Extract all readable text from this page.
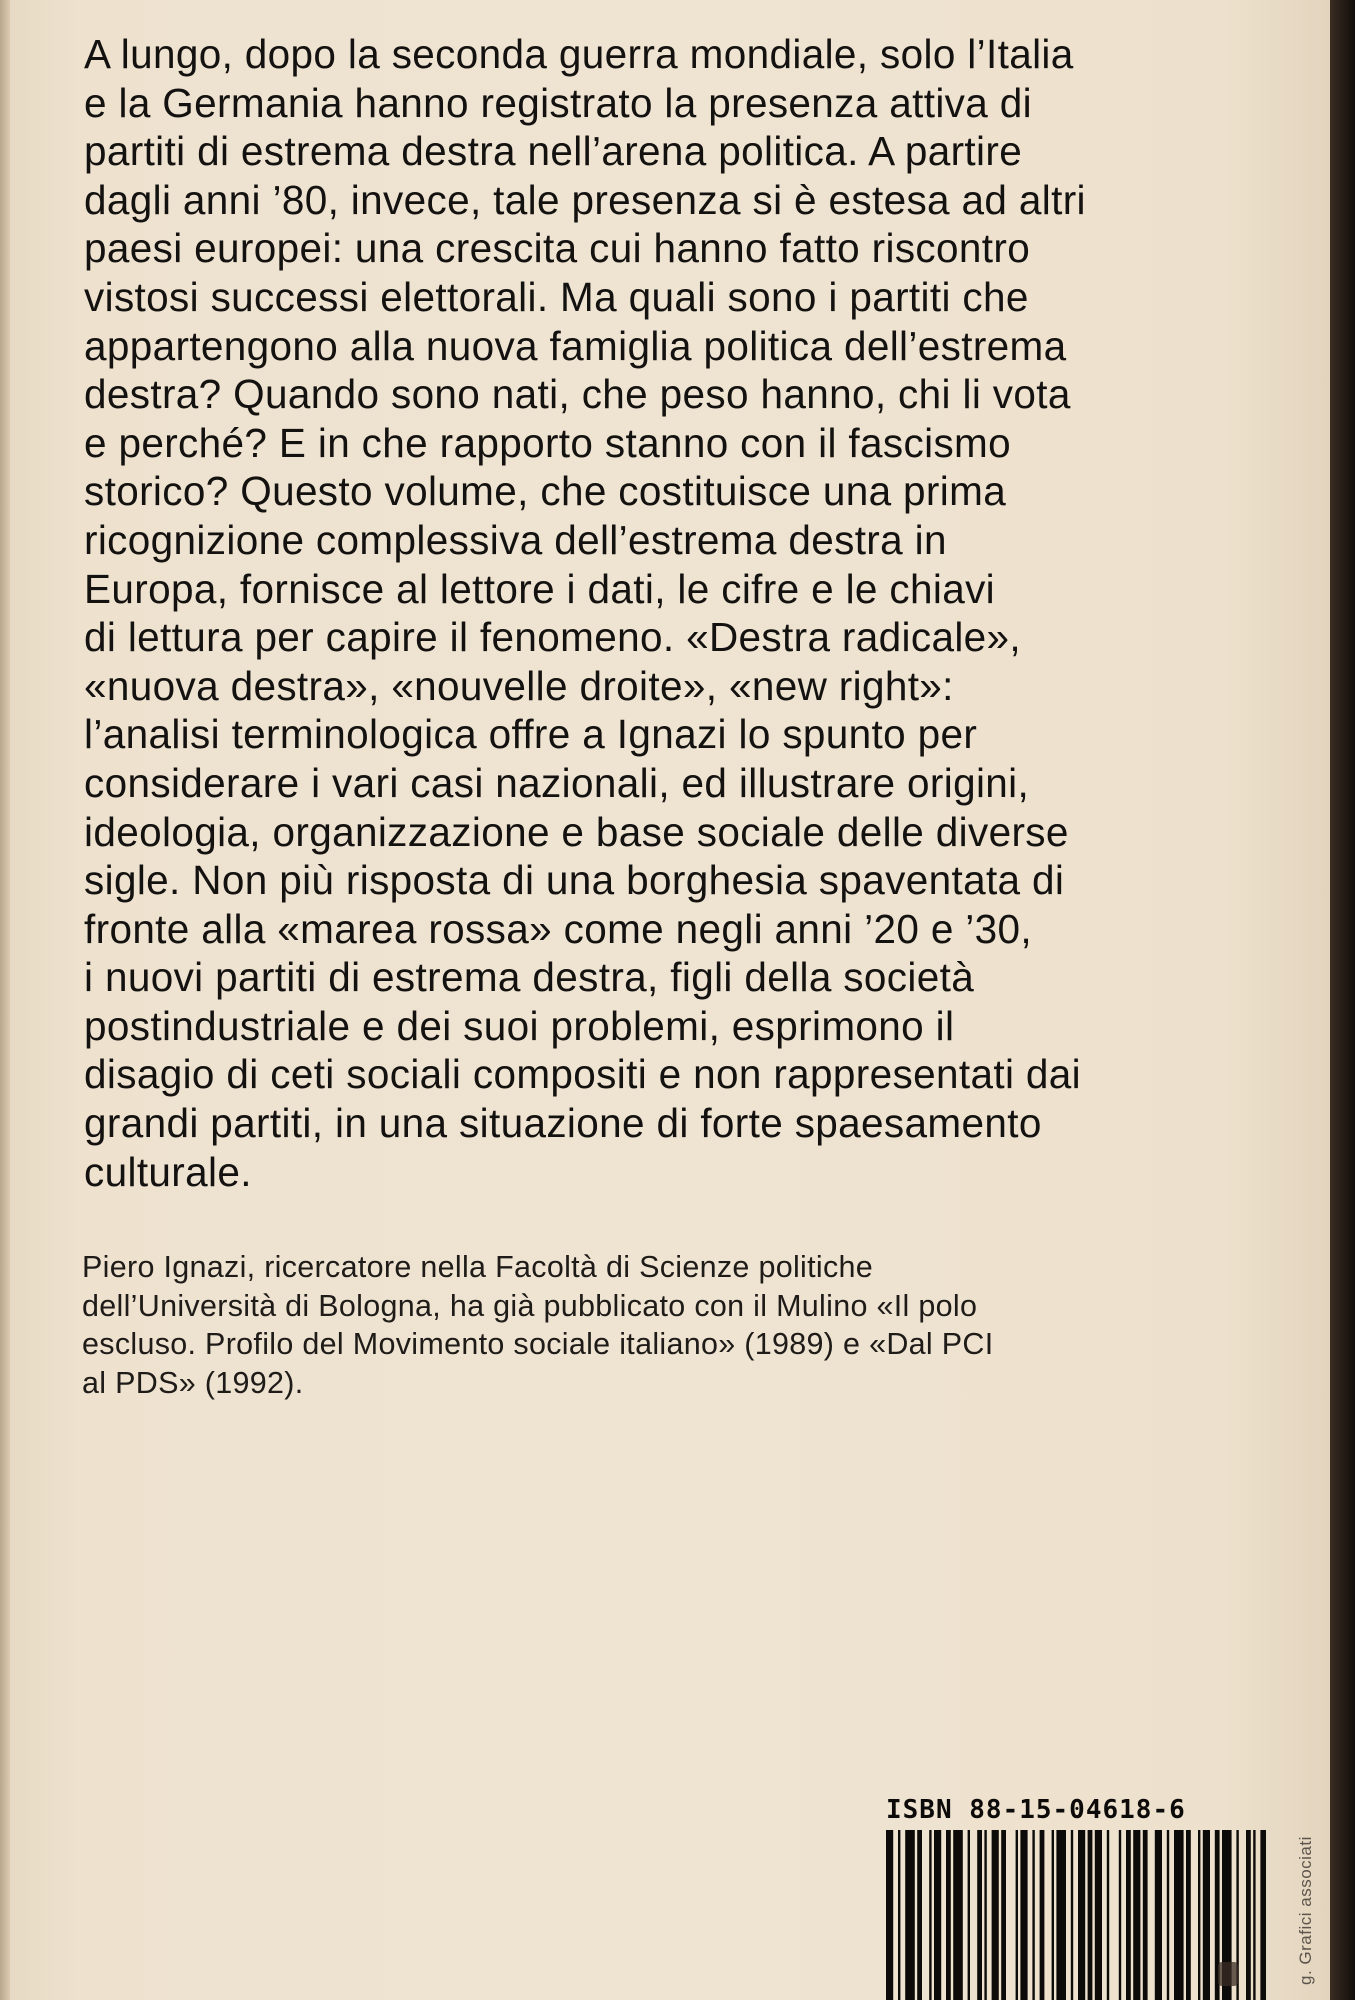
A lungo, dopo la seconda guerra mondiale, solo l’Italia
e la Germania hanno registrato la presenza attiva di
partiti di estrema destra nell’arena politica. A partire
dagli anni ’80, invece, tale presenza si è estesa ad altri
paesi europei: una crescita cui hanno fatto riscontro
vistosi successi elettorali. Ma quali sono i partiti che
appartengono alla nuova famiglia politica dell’estrema
destra? Quando sono nati, che peso hanno, chi li vota
e perché? E in che rapporto stanno con il fascismo
storico? Questo volume, che costituisce una prima
ricognizione complessiva dell’estrema destra in
Europa, fornisce al lettore i dati, le cifre e le chiavi
di lettura per capire il fenomeno. «Destra radicale»,
«nuova destra», «nouvelle droite», «new right»:
l’analisi terminologica offre a Ignazi lo spunto per
considerare i vari casi nazionali, ed illustrare origini,
ideologia, organizzazione e base sociale delle diverse
sigle. Non più risposta di una borghesia spaventata di
fronte alla «marea rossa» come negli anni ’20 e ’30,
i nuovi partiti di estrema destra, figli della società
postindustriale e dei suoi problemi, esprimono il
disagio di ceti sociali compositi e non rappresentati dai
grandi partiti, in una situazione di forte spaesamento
culturale.

Piero Ignazi, ricercatore nella Facoltà di Scienze politiche
dell’Università di Bologna, ha già pubblicato con il Mulino «Il polo
escluso. Profilo del Movimento sociale italiano» (1989) e «Dal PCI
al PDS» (1992).

ISBN 88-15-04618-6
g. Grafici associati
